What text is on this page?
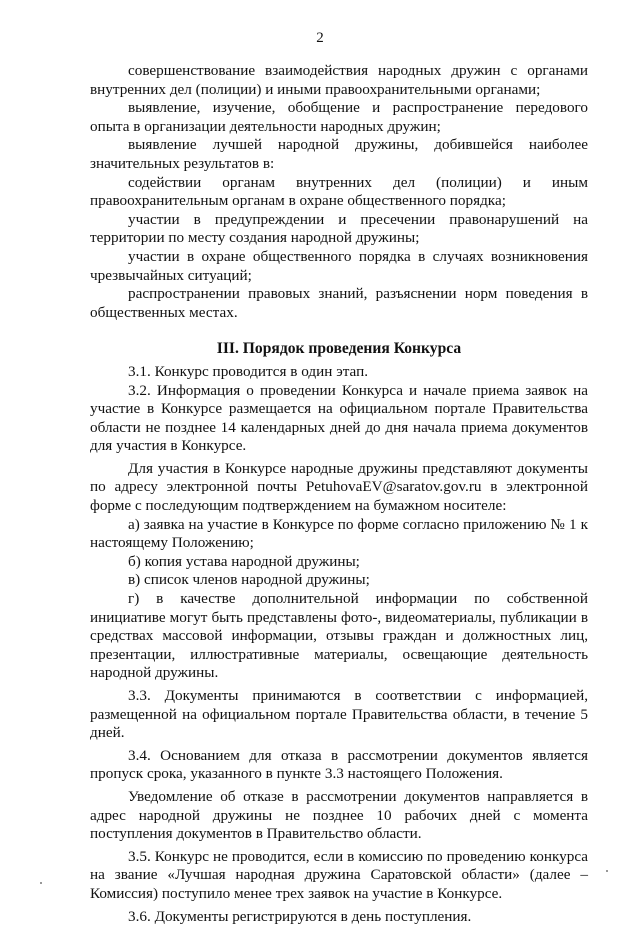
2

совершенствование взаимодействия народных дружин с органами внутренних дел (полиции) и иными правоохранительными органами;

выявление, изучение, обобщение и распространение передового опыта в организации деятельности народных дружин;

выявление лучшей народной дружины, добившейся наиболее значительных результатов в:

содействии органам внутренних дел (полиции) и иным правоохранительным органам в охране общественного порядка;

участии в предупреждении и пресечении правонарушений на территории по месту создания народной дружины;

участии в охране общественного порядка в случаях возникновения чрезвычайных ситуаций;

распространении правовых знаний, разъяснении норм поведения в общественных местах.

III. Порядок проведения Конкурса

3.1. Конкурс проводится в один этап.

3.2. Информация о проведении Конкурса и начале приема заявок на участие в Конкурсе размещается на официальном портале Правительства области не позднее 14 календарных дней до дня начала приема документов для участия в Конкурсе.

Для участия в Конкурсе народные дружины представляют документы по адресу электронной почты PetuhovaEV@saratov.gov.ru в электронной форме с последующим подтверждением на бумажном носителе:

а) заявка на участие в Конкурсе по форме согласно приложению № 1 к настоящему Положению;

б) копия устава народной дружины;

в) список членов народной дружины;

г) в качестве дополнительной информации по собственной инициативе могут быть представлены фото-, видеоматериалы, публикации в средствах массовой информации, отзывы граждан и должностных лиц, презентации, иллюстративные материалы, освещающие деятельность народной дружины.

3.3. Документы принимаются в соответствии с информацией, размещенной на официальном портале Правительства области, в течение 5 дней.

3.4. Основанием для отказа в рассмотрении документов является пропуск срока, указанного в пункте 3.3 настоящего Положения.

Уведомление об отказе в рассмотрении документов направляется в адрес народной дружины не позднее 10 рабочих дней с момента поступления документов в Правительство области.

3.5. Конкурс не проводится, если в комиссию по проведению конкурса на звание «Лучшая народная дружина Саратовской области» (далее – Комиссия) поступило менее трех заявок на участие в Конкурсе.

3.6. Документы регистрируются в день поступления.
